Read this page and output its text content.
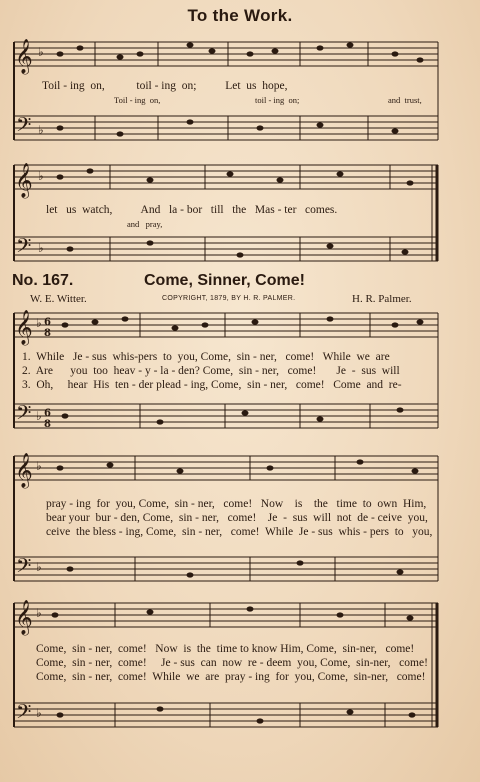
To the Work.
𝄞
𝄢
𝄞
𝄢
♭
♭
♭
♭
Toil - ing  on,           toil - ing  on;          Let  us  hope,
Toil - ing  on,	toil - ing  on;	and  trust,
let   us  watch,          And   la - bor   till   the   Mas - ter   comes.
and   pray,
No. 167.	Come, Sinner, Come!
W. E. Witter.	COPYRIGHT, 1879, BY H. R. PALMER.	H. R. Palmer.
𝄞
𝄢
𝄞
𝄢
𝄞
𝄢
♭
♭
♭
♭
♭
♭
6
8
6
8
1.  While   Je - sus  whis-pers  to  you, Come,  sin - ner,   come!   While  we  are
2.  Are      you  too  heav - y - la - den? Come,  sin - ner,   come!       Je  -  sus  will
3.  Oh,     hear  His  ten - der plead - ing, Come,  sin - ner,   come!   Come  and  re-
pray - ing  for  you, Come,  sin - ner,   come!   Now    is    the   time  to  own  Him,
bear your  bur - den, Come,  sin - ner,   come!    Je  -  sus  will  not  de - ceive  you,
ceive  the bless - ing, Come,  sin - ner,   come!  While  Je - sus  whis - pers  to   you,
Come,  sin - ner,  come!   Now  is  the  time to know Him, Come,  sin-ner,   come!
Come,  sin - ner,  come!     Je - sus  can  now  re - deem  you, Come,  sin-ner,   come!
Come,  sin - ner,  come!  While  we  are  pray - ing  for  you, Come,  sin-ner,   come!
